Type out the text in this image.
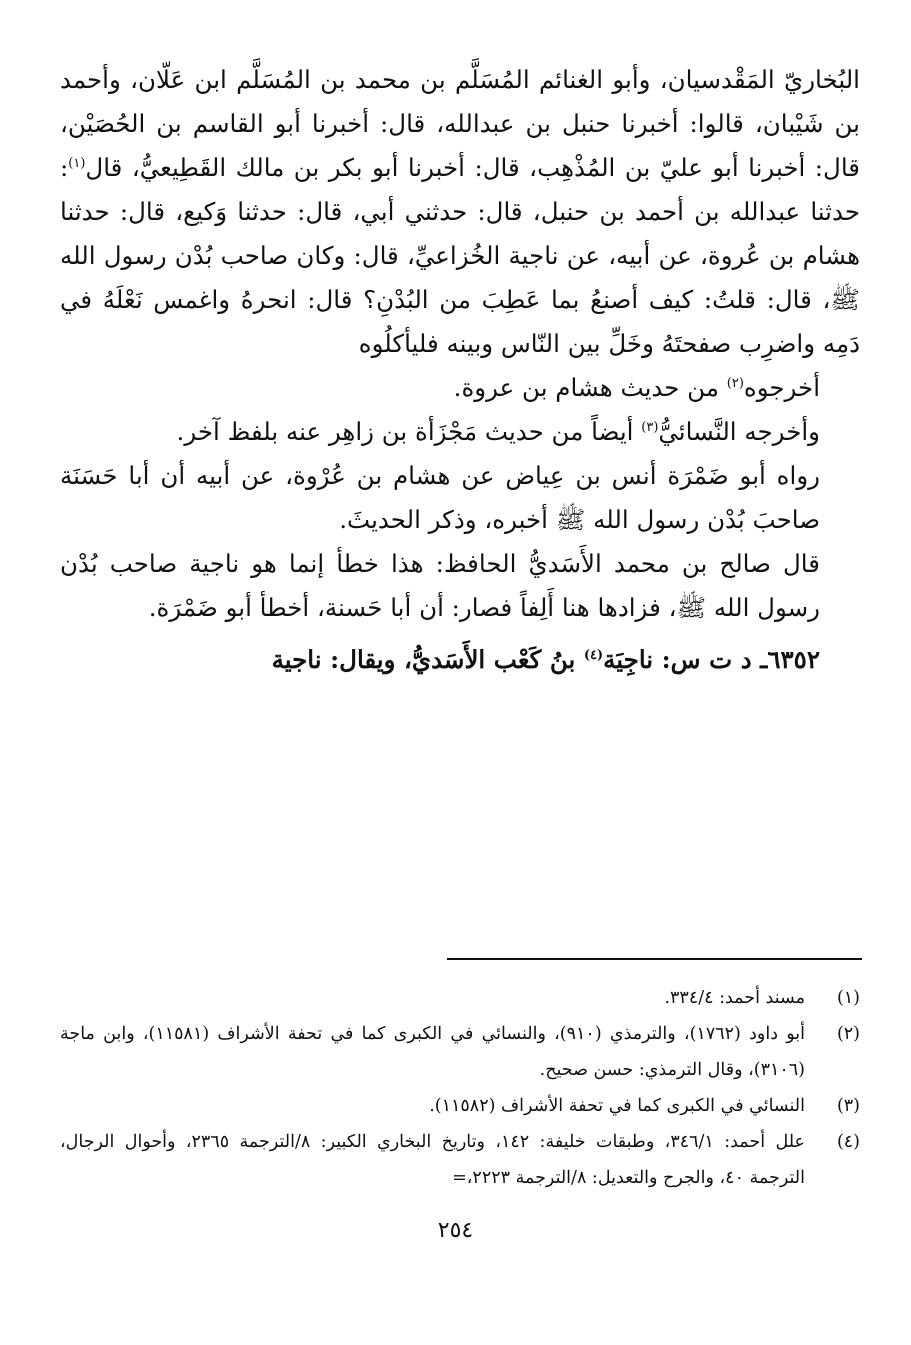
البُخاريّ المَقْدسيان، وأبو الغنائم المُسَلَّم بن محمد بن المُسَلَّم ابن عَلّان، وأحمد بن شَيْبان، قالوا: أخبرنا حنبل بن عبدالله، قال: أخبرنا أبو القاسم بن الحُصَيْن، قال: أخبرنا أبو عليّ بن المُذْهِب، قال: أخبرنا أبو بكر بن مالك القَطِيعيُّ، قال$^{(١)}$: حدثنا عبدالله بن أحمد بن حنبل، قال: حدثني أبي، قال: حدثنا وَكيع، قال: حدثنا هشام بن عُروة، عن أبيه، عن ناجية الخُزاعيِّ، قال: وكان صاحب بُدْن رسول الله ﷺ، قال: قلتُ: كيف أصنعُ بما عَطِبَ من البُدْنِ؟ قال: انحرهُ واغمس نَعْلَهُ في دَمِه واضرِب صفحتَهُ وخَلِّ بين النّاس وبينه فليأكلُوه

أخرجوه$^{(٢)}$ من حديث هشام بن عروة.

وأخرجه النَّسائيُّ$^{(٣)}$ أيضاً من حديث مَجْزَأة بن زاهِر عنه بلفظ آخر.

رواه أبو ضَمْرَة أنس بن عِياض عن هشام بن عُرْوة، عن أبيه أن أبا حَسَنَة صاحبَ بُدْن رسول الله ﷺ أخبره، وذكر الحديثَ.

قال صالح بن محمد الأَسَديُّ الحافظ: هذا خطأ إنما هو ناجية صاحب بُدْن رسول الله ﷺ، فزادها هنا أَلِفاً فصار: أن أبا حَسنة، أخطأ أبو ضَمْرَة.

٦٣٥٢ـ د ت س: ناجِيَة$^{(٤)}$ بنُ كَعْب الأَسَديُّ، ويقال: ناجية

(١)
مسند أحمد: ٣٣٤/٤.
(٢)
أبو داود (١٧٦٢)، والترمذي (٩١٠)، والنسائي في الكبرى كما في تحفة الأشراف (١١٥٨١)، وابن ماجة (٣١٠٦)، وقال الترمذي: حسن صحيح.
(٣)
النسائي في الكبرى كما في تحفة الأشراف (١١٥٨٢).
(٤)
علل أحمد: ٣٤٦/١، وطبقات خليفة: ١٤٢، وتاريخ البخاري الكبير: ٨/الترجمة ٢٣٦٥، وأحوال الرجال، الترجمة ٤٠، والجرح والتعديل: ٨/الترجمة ٢٢٢٣،=
٢٥٤
